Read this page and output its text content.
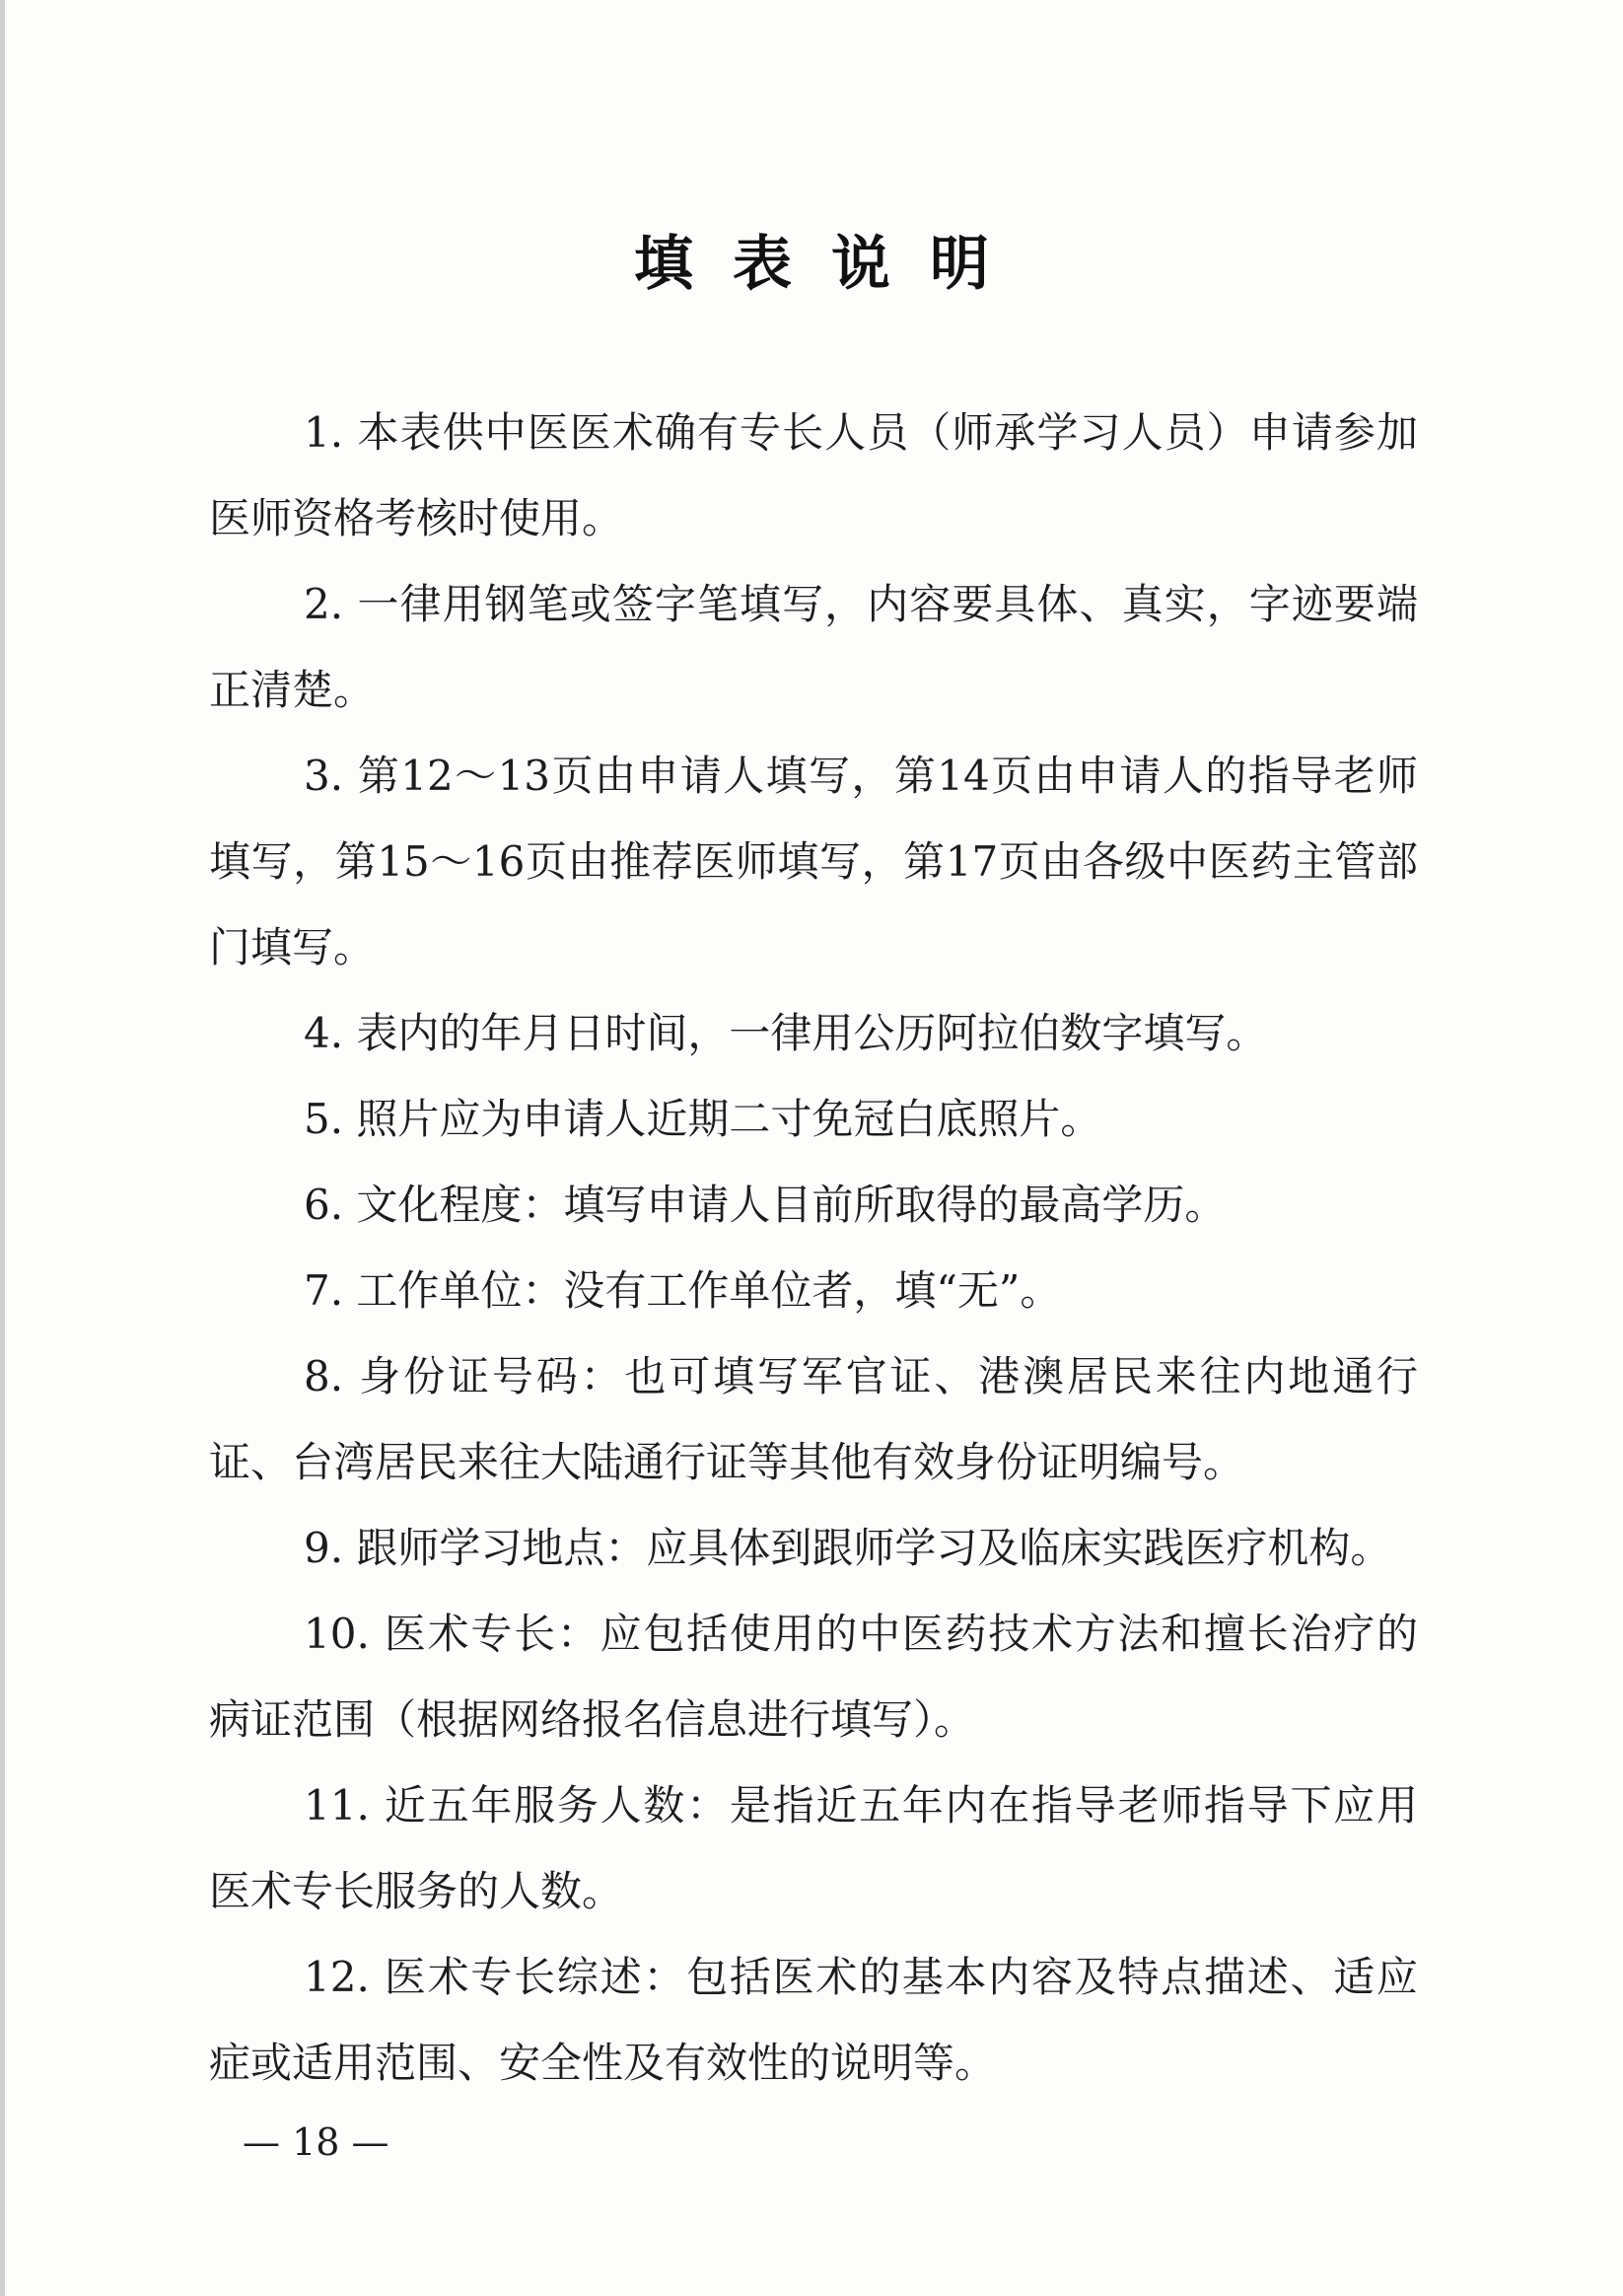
填表说明

1. 本表供中医医术确有专长人员（师承学习人员）申请参加医师资格考核时使用。

2. 一律用钢笔或签字笔填写，内容要具体、真实，字迹要端正清楚。

3. 第12～13页由申请人填写，第14页由申请人的指导老师填写，第15～16页由推荐医师填写，第17页由各级中医药主管部门填写。

4. 表内的年月日时间，一律用公历阿拉伯数字填写。

5. 照片应为申请人近期二寸免冠白底照片。

6. 文化程度：填写申请人目前所取得的最高学历。

7. 工作单位：没有工作单位者，填“无”。

8. 身份证号码：也可填写军官证、港澳居民来往内地通行证、台湾居民来往大陆通行证等其他有效身份证明编号。

9. 跟师学习地点：应具体到跟师学习及临床实践医疗机构。

10. 医术专长：应包括使用的中医药技术方法和擅长治疗的病证范围（根据网络报名信息进行填写）。

11. 近五年服务人数：是指近五年内在指导老师指导下应用医术专长服务的人数。

12. 医术专长综述：包括医术的基本内容及特点描述、适应症或适用范围、安全性及有效性的说明等。

— 18 —
